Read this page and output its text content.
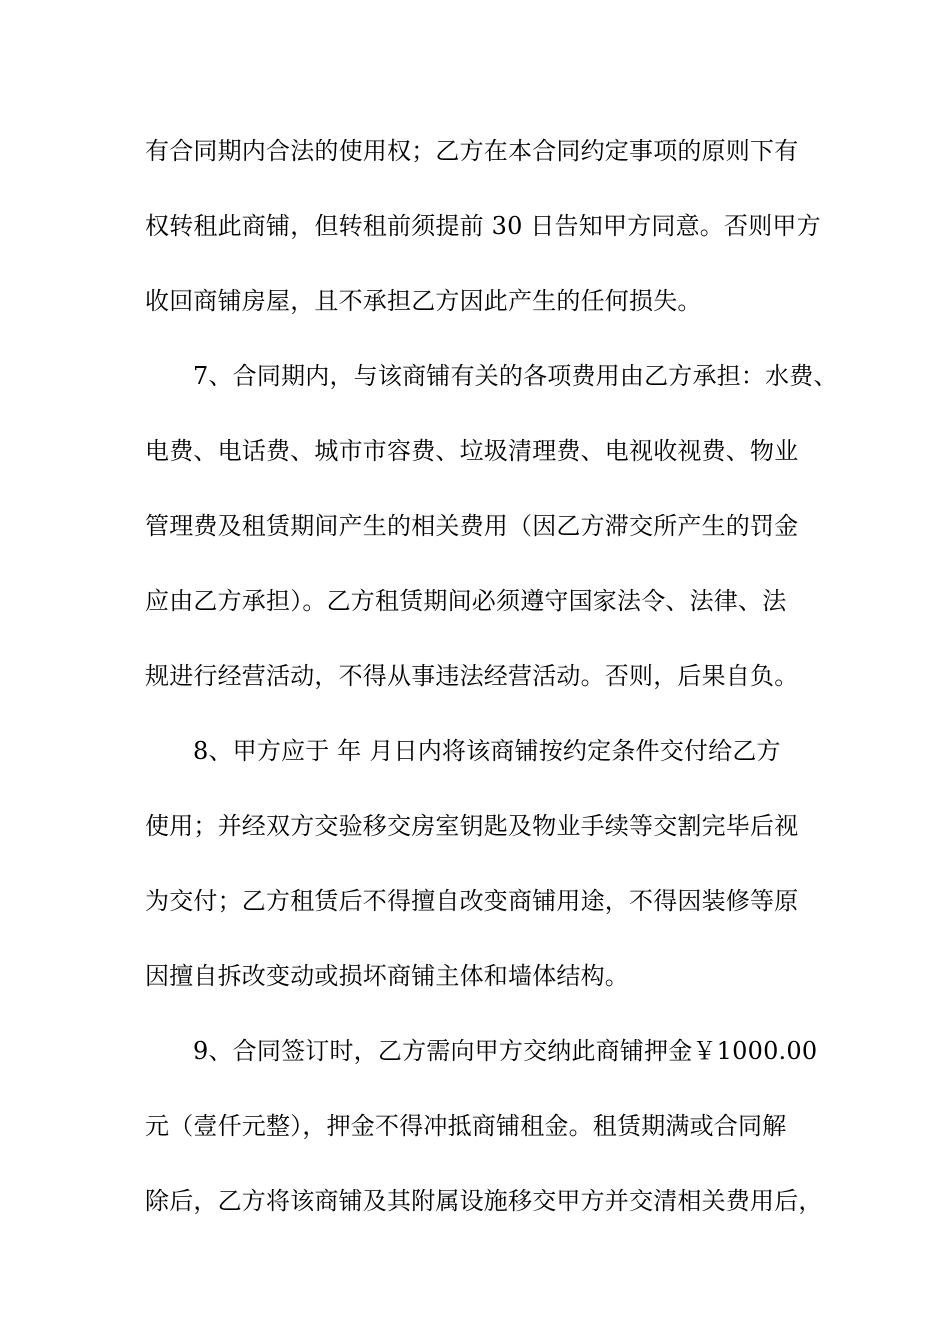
有合同期内合法的使用权；乙方在本合同约定事项的原则下有
权转租此商铺，但转租前须提前 30 日告知甲方同意。否则甲方
收回商铺房屋，且不承担乙方因此产生的任何损失。
7、合同期内，与该商铺有关的各项费用由乙方承担：水费、
电费、电话费、城市市容费、垃圾清理费、电视收视费、物业
管理费及租赁期间产生的相关费用（因乙方滞交所产生的罚金
应由乙方承担）。乙方租赁期间必须遵守国家法令、法律、法
规进行经营活动，不得从事违法经营活动。否则，后果自负。
8、甲方应于 年 月日内将该商铺按约定条件交付给乙方
使用；并经双方交验移交房室钥匙及物业手续等交割完毕后视
为交付；乙方租赁后不得擅自改变商铺用途，不得因装修等原
因擅自拆改变动或损坏商铺主体和墙体结构。
9、合同签订时，乙方需向甲方交纳此商铺押金￥1000.00
元（壹仟元整），押金不得冲抵商铺租金。租赁期满或合同解
除后，乙方将该商铺及其附属设施移交甲方并交清相关费用后，
